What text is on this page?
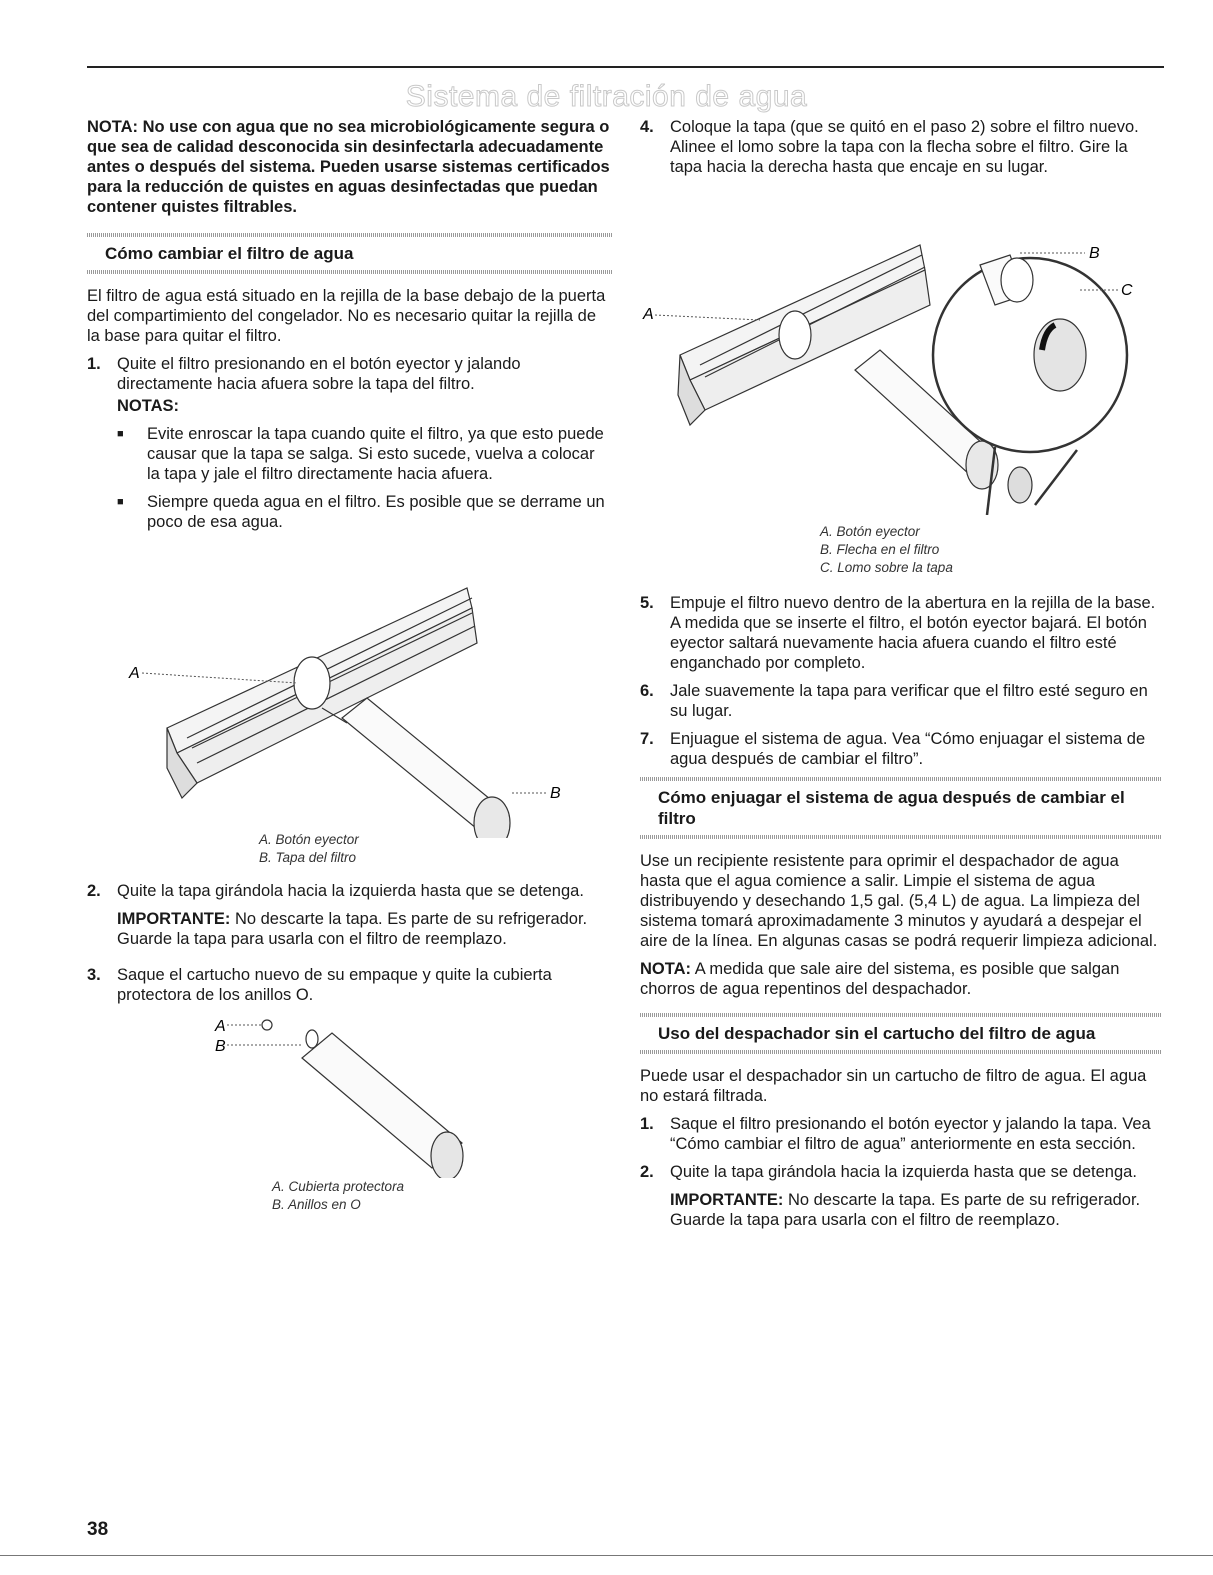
Sistema de filtración de agua

NOTA: No use con agua que no sea microbiológicamente segura o que sea de calidad desconocida sin desinfectarla adecuadamente antes o después del sistema. Pueden usarse sistemas certificados para la reducción de quistes en aguas desinfectadas que puedan contener quistes filtrables.

Cómo cambiar el filtro de agua

El filtro de agua está situado en la rejilla de la base debajo de la puerta del compartimiento del congelador. No es necesario quitar la rejilla de la base para quitar el filtro.

1. Quite el filtro presionando en el botón eyector y jalando directamente hacia afuera sobre la tapa del filtro.
NOTAS:
■	Evite enroscar la tapa cuando quite el filtro, ya que esto puede causar que la tapa se salga. Si esto sucede, vuelva a colocar la tapa y jale el filtro directamente hacia afuera.
■	Siempre queda agua en el filtro. Es posible que se derrame un poco de esa agua.
A
B
A. Botón eyector
B. Tapa del filtro
2. Quite la tapa girándola hacia la izquierda hasta que se detenga.

IMPORTANTE: No descarte la tapa. Es parte de su refrigerador. Guarde la tapa para usarla con el filtro de reemplazo.

3. Saque el cartucho nuevo de su empaque y quite la cubierta protectora de los anillos O.
A
B
A. Cubierta protectora
B. Anillos en O
4. Coloque la tapa (que se quitó en el paso 2) sobre el filtro nuevo. Alinee el lomo sobre la tapa con la flecha sobre el filtro. Gire la tapa hacia la derecha hasta que encaje en su lugar.
A
B
C
A. Botón eyector
B. Flecha en el filtro
C. Lomo sobre la tapa
5. Empuje el filtro nuevo dentro de la abertura en la rejilla de la base. A medida que se inserte el filtro, el botón eyector bajará. El botón eyector saltará nuevamente hacia afuera cuando el filtro esté enganchado por completo.
6. Jale suavemente la tapa para verificar que el filtro esté seguro en su lugar.
7. Enjuague el sistema de agua. Vea “Cómo enjuagar el sistema de agua después de cambiar el filtro”.
Cómo enjuagar el sistema de agua después de cambiar el filtro

Use un recipiente resistente para oprimir el despachador de agua hasta que el agua comience a salir. Limpie el sistema de agua distribuyendo y desechando 1,5 gal. (5,4 L) de agua. La limpieza del sistema tomará aproximadamente 3 minutos y ayudará a despejar el aire de la línea. En algunas casas se podrá requerir limpieza adicional.

NOTA: A medida que sale aire del sistema, es posible que salgan chorros de agua repentinos del despachador.

Uso del despachador sin el cartucho del filtro de agua

Puede usar el despachador sin un cartucho de filtro de agua. El agua no estará filtrada.

1. Saque el filtro presionando el botón eyector y jalando la tapa. Vea “Cómo cambiar el filtro de agua” anteriormente en esta sección.
2. Quite la tapa girándola hacia la izquierda hasta que se detenga.

IMPORTANTE: No descarte la tapa. Es parte de su refrigerador. Guarde la tapa para usarla con el filtro de reemplazo.

38
